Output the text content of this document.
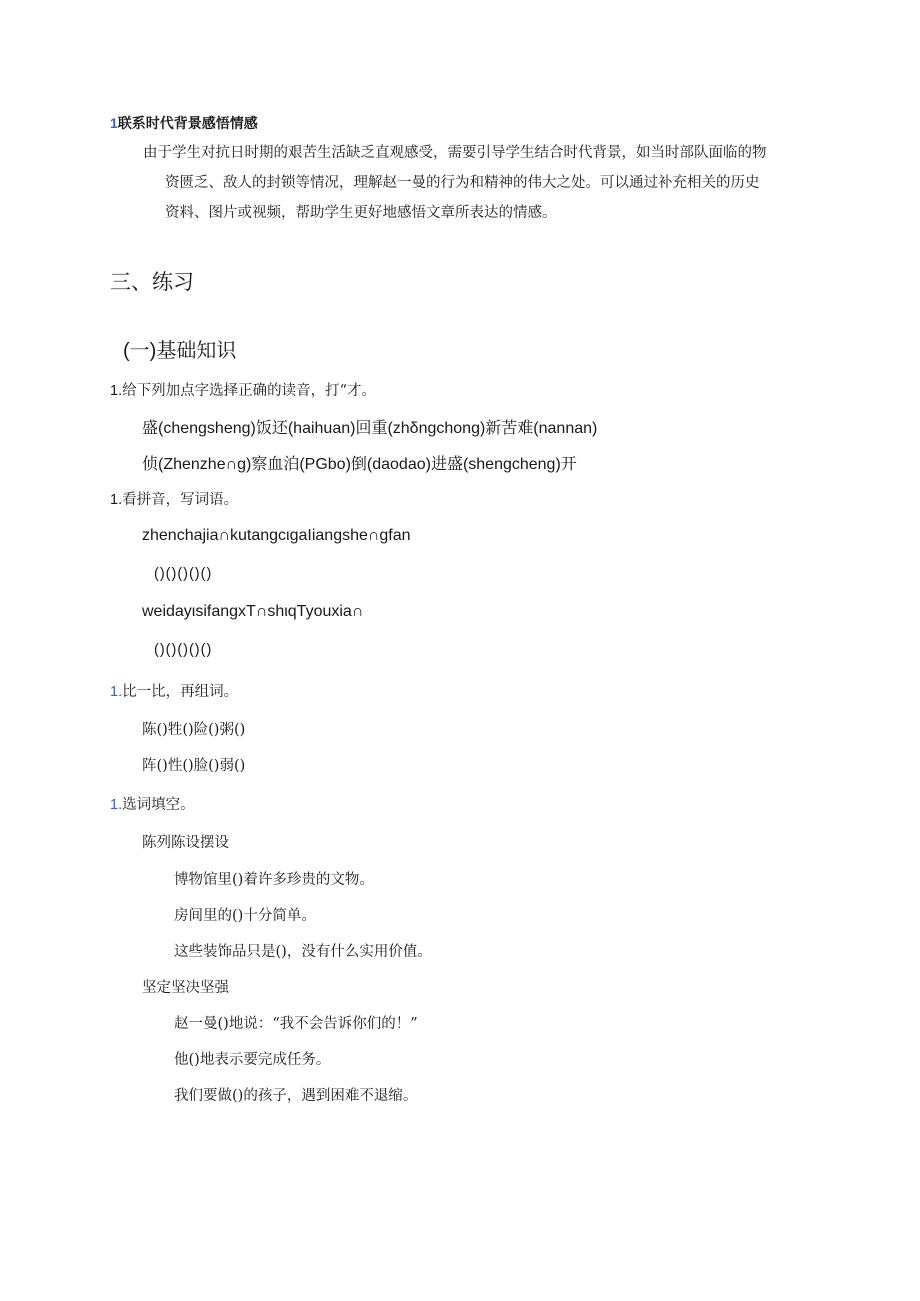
1联系时代背景感悟情感
由于学生对抗日时期的艰苦生活缺乏直观感受，需要引导学生结合时代背景，如当时部队面临的物
资匮乏、敌人的封锁等情况，理解赵一曼的行为和精神的伟大之处。可以通过补充相关的历史
资料、图片或视频，帮助学生更好地感悟文章所表达的情感。
三、练习
(一)基础知识
1.给下列加点字选择正确的读音，打“才。
盛(chengsheng)饭还(haihuan)回重(zhδngchong)新苦难(nannan)
侦(Zhenzhe∩g)察血泊(PGbo)倒(daodao)进盛(shengcheng)开
1.看拼音，写词语。
zhenchajia∩kutangcιgaIiangshe∩gfan
()()()()()
weidayιsifangxT∩shιqTyouxia∩
()()()()()
1.比一比，再组词。
陈()牲()险()粥()
阵()性()脸()弱()
1.选词填空。
陈列陈设摆设
博物馆里()着许多珍贵的文物。
房间里的()十分简单。
这些装饰品只是()，没有什么实用价值。
坚定坚决坚强
赵一曼()地说：“我不会告诉你们的！”
他()地表示要完成任务。
我们要做()的孩子，遇到困难不退缩。
